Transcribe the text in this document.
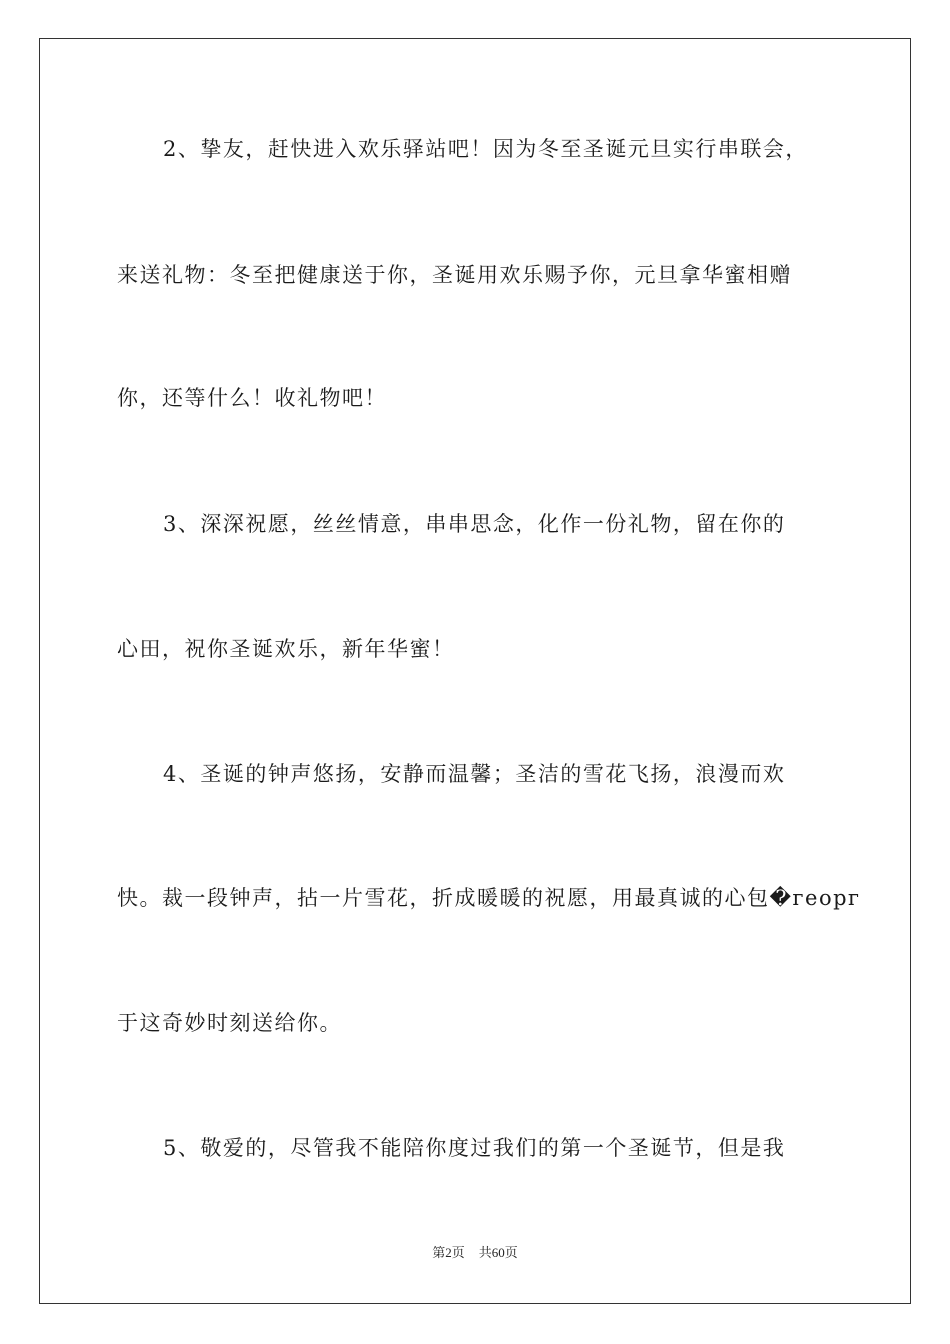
2、挚友，赶快进入欢乐驿站吧！因为冬至圣诞元旦实行串联会，
来送礼物：冬至把健康送于你，圣诞用欢乐赐予你，元旦拿华蜜相赠
你，还等什么！收礼物吧！
3、深深祝愿，丝丝情意，串串思念，化作一份礼物，留在你的
心田，祝你圣诞欢乐，新年华蜜！
4、圣诞的钟声悠扬，安静而温馨；圣洁的雪花飞扬，浪漫而欢
快。裁一段钟声，拈一片雪花，折成暖暖的祝愿，用最真诚的心包�георг
于这奇妙时刻送给你。
5、敬爱的，尽管我不能陪你度过我们的第一个圣诞节，但是我
第2页 共60页
